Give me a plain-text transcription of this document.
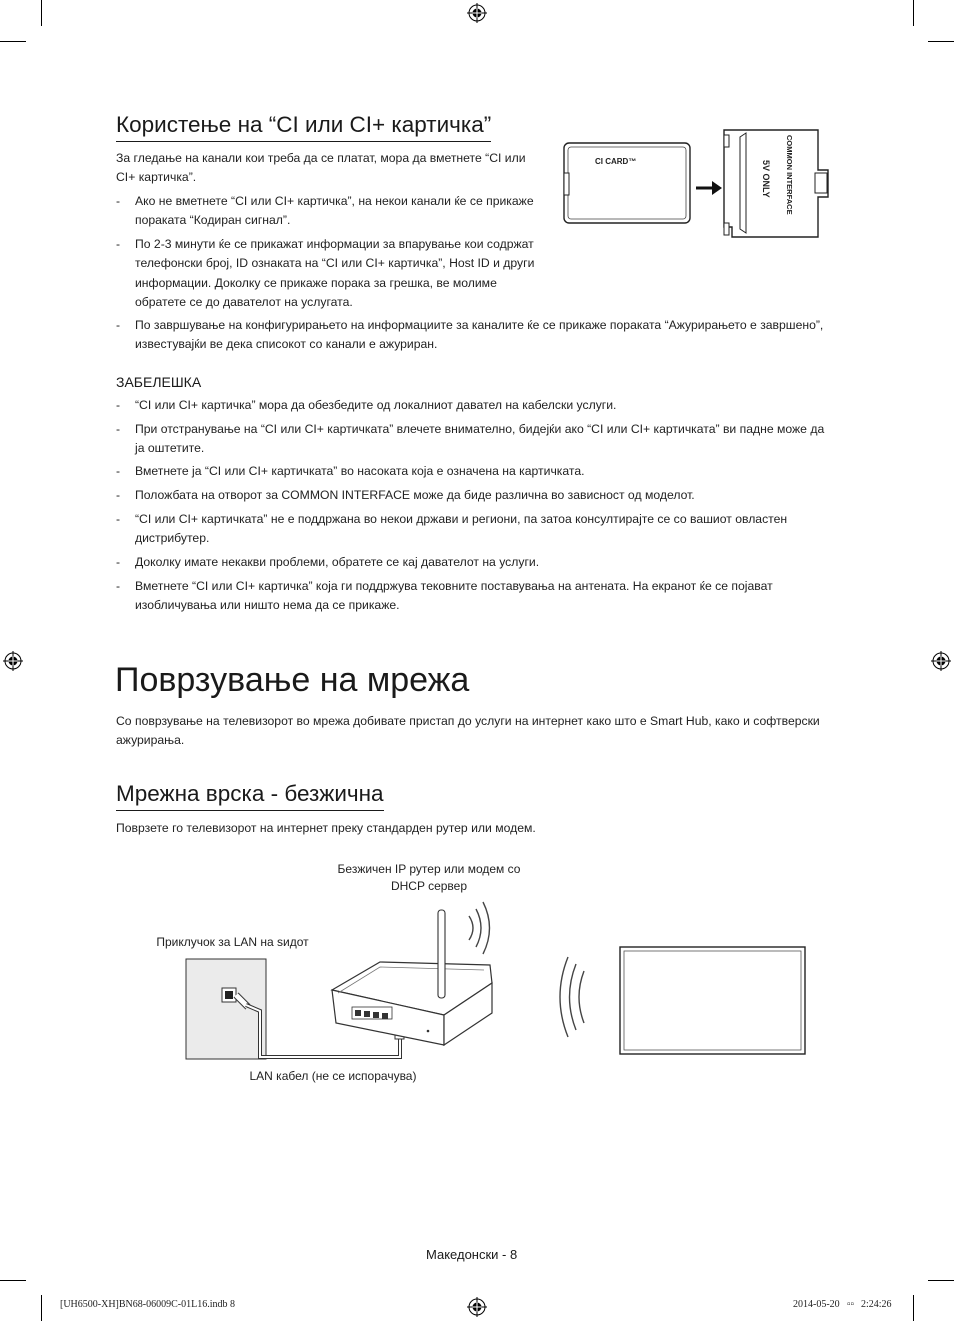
Користење на “CI или CI+ картичка”
За гледање на канали кои треба да се платат, мора да вметнете “CI или CI+ картичка”.
- Ако не вметнете “CI или CI+ картичка”, на некои канали ќе се прикаже пораката “Кодиран сигнал”.
- По 2-3 минути ќе се прикажат информации за впарување кои содржат телефонски број, ID ознаката на “CI или CI+ картичка”, Host ID и други информации. Доколку се прикаже порака за грешка, ве молиме обратете се до давателот на услугата.
- По завршување на конфигурирањето на информациите за каналите ќе се прикаже пораката “Ажурирањето е завршено”, известувајќи ве дека списокот со канали е ажуриран.
CI CARD™	COMMON INTERFACE
5V ONLY
ЗАБЕЛЕШКА
- “CI или CI+ картичка” мора да обезбедите од локалниот давател на кабелски услуги.
- При отстранување на “CI или CI+ картичката” влечете внимателно, бидејќи ако “CI или CI+ картичката” ви падне може да ја оштетите.
- Вметнете ја “CI или CI+ картичката” во насоката која е означена на картичката.
- Положбата на отворот за COMMON INTERFACE може да биде различна во зависност од моделот.
- “CI или CI+ картичката” не е поддржана во некои држави и региони, па затоа консултирајте се со вашиот овластен дистрибутер.
- Доколку имате некакви проблеми, обратете се кај давателот на услуги.
- Вметнете “CI или CI+ картичка” која ги поддржува тековните поставувања на антената. На екранот ќе се појават изобличувања или ништо нема да се прикаже.
Поврзување на мрежа
Со поврзување на телевизорот во мрежа добивате пристап до услуги на интернет како што е Smart Hub, како и софтверски ажурирања.
Мрежна врска - безжична
Поврзете го телевизорот на интернет преку стандарден рутер или модем.
Безжичен IP рутер или модем со DHCP сервер
Приклучок за LAN на sидот
LAN кабел (не се испорачува)
Македонски - 8
[UH6500-XH]BN68-06009C-01L16.indb 8	2014-05-20 ▫▫ 2:24:26
